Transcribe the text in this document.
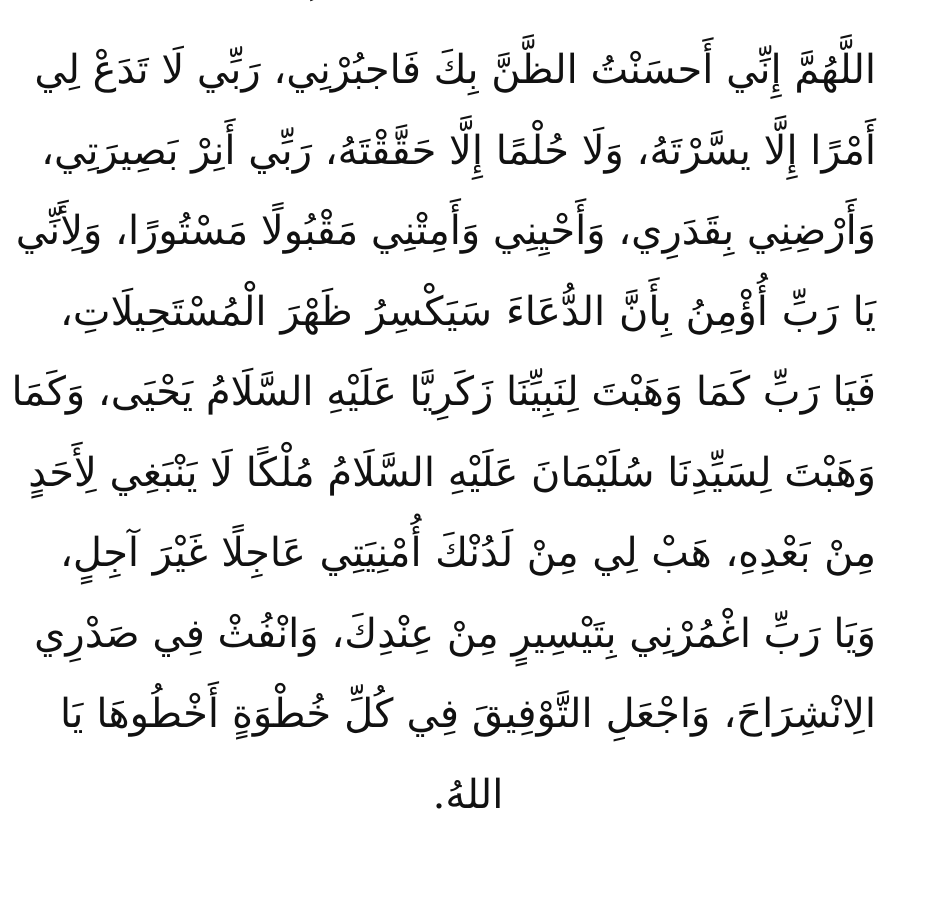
اللَّهُمَّ إِنِّي أَحسَنْتُ الظَّنَّ بِكَ فَاجبُرْنِي، رَبِّي لَا تَدَعْ لِي
أَمْرًا إِلَّا يسَّرْتَهُ، وَلَا حُلْمًا إِلَّا حَقَّقْتَهُ، رَبِّي أَنِرْ بَصِيرَتِي،
وَأَرْضِنِي بِقَدَرِي، وَأَحْيِنِي وَأَمِتْنِي مَقْبُولًا مَسْتُورًا، وَلِأَنِّي
يَا رَبِّ أُؤْمِنُ بِأَنَّ الدُّعَاءَ سَيَكْسِرُ ظَهْرَ الْمُسْتَحِيلَاتِ،
فَيَا رَبِّ كَمَا وَهَبْتَ لِنَبِيِّنَا زَكَرِيَّا عَلَيْهِ السَّلَامُ يَحْيَى، وَكَمَا
وَهَبْتَ لِسَيِّدِنَا سُلَيْمَانَ عَلَيْهِ السَّلَامُ مُلْكًا لَا يَنْبَغِي لِأَحَدٍ
مِنْ بَعْدِهِ، هَبْ لِي مِنْ لَدُنْكَ أُمْنِيَتِي عَاجِلًا غَيْرَ آجِلٍ،
وَيَا رَبِّ اغْمُرْنِي بِتَيْسِيرٍ مِنْ عِنْدِكَ، وَانْفُثْ فِي صَدْرِي
الِانْشِرَاحَ، وَاجْعَلِ التَّوْفِيقَ فِي كُلِّ خُطْوَةٍ أَخْطُوهَا يَا
اللهُ.
